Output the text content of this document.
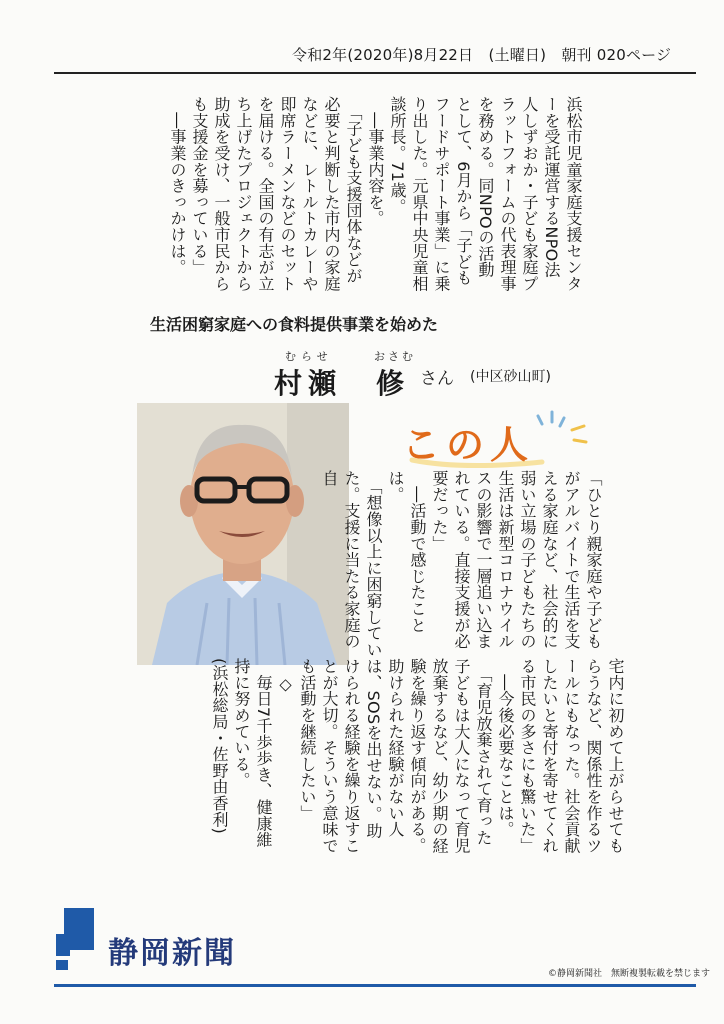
令和2年(2020年)8月22日　(土曜日)　朝刊 020ページ
浜松市児童家庭支援センターを受託運営するNPO法人しずおか・子ども家庭プラットフォームの代表理事を務める。同NPOの活動として、6月から「子どもフードサポート事業」に乗り出した。元県中央児童相談所長。71歳。
　―事業内容を。
　「子ども支援団体などが必要と判断した市内の家庭などに、レトルトカレーや即席ラーメンなどのセットを届ける。全国の有志が立ち上げたプロジェクトから助成を受け、一般市民からも支援金を募っている」
　―事業のきっかけは。
生活困窮家庭への食料提供事業を始めた
むらせ	おさむ
村瀬　修 さん (中区砂山町)
この人
「ひとり親家庭や子どもがアルバイトで生活を支える家庭など、社会的に弱い立場の子どもたちの生活は新型コロナウイルスの影響で一層追い込まれている。直接支援が必要だった」
　―活動で感じたことは。
　「想像以上に困窮していた。支援に当たる家庭の自
宅内に初めて上がらせてもらうなど、関係性を作るツールにもなった。社会貢献したいと寄付を寄せてくれる市民の多さにも驚いた」
　―今後必要なことは。
　「育児放棄されて育った子どもは大人になって育児放棄するなど、幼少期の経験を繰り返す傾向がある。助けられた経験がない人は、SOSを出せない。助けられる経験を繰り返すことが大切。そういう意味でも活動を継続したい」
　◇
　毎日7千歩歩き、健康維持に努めている。
(浜松総局・佐野由香利)
静岡新聞
©静岡新聞社　無断複製転載を禁じます
